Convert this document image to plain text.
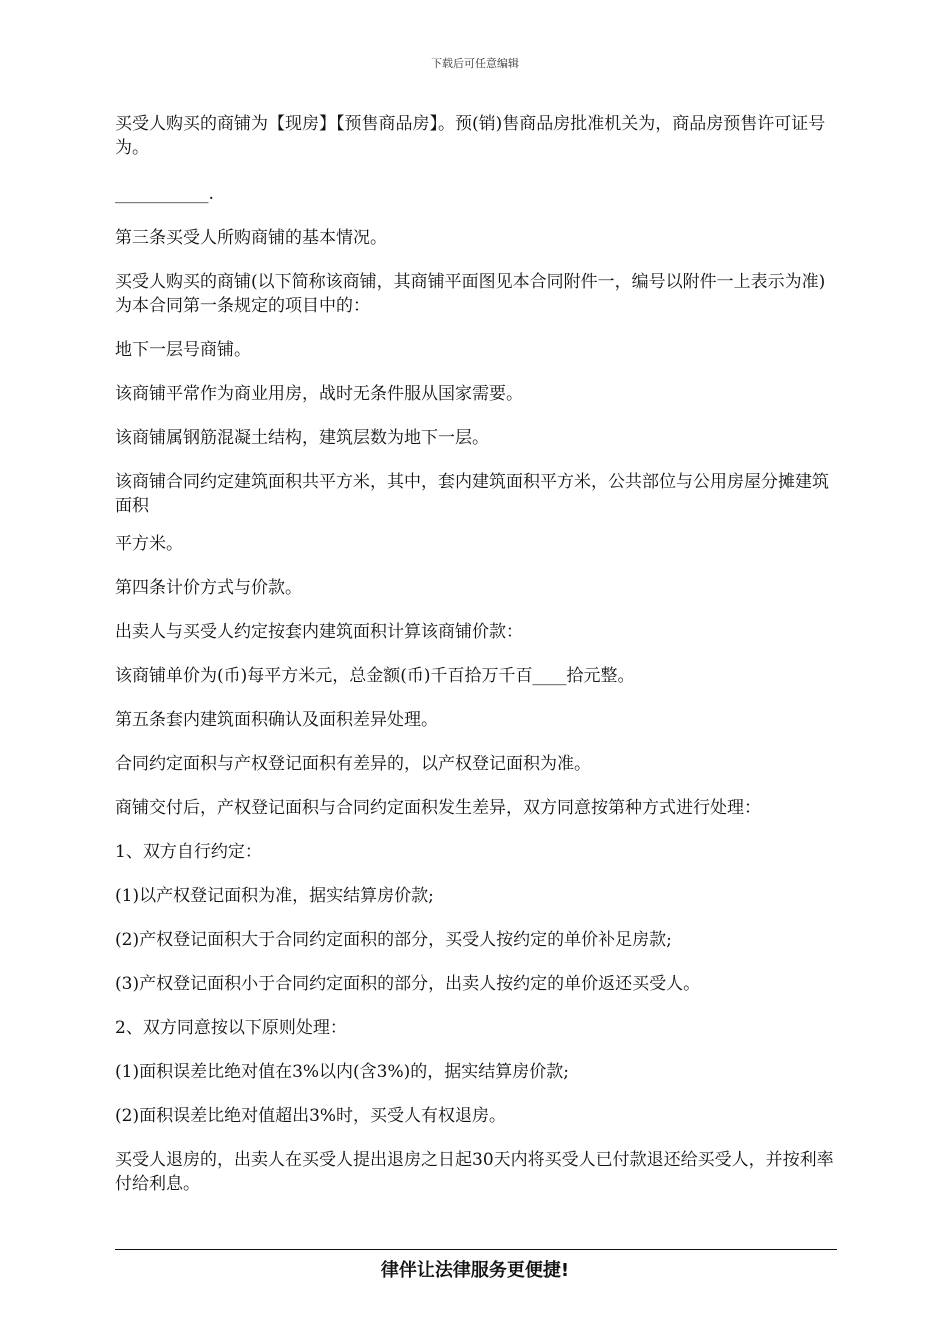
下载后可任意编辑

买受人购买的商铺为【现房】【预售商品房】。预(销)售商品房批准机关为，商品房预售许可证号为。

___________.

第三条买受人所购商铺的基本情况。

买受人购买的商铺(以下简称该商铺，其商铺平面图见本合同附件一，编号以附件一上表示为准)为本合同第一条规定的项目中的：

地下一层号商铺。

该商铺平常作为商业用房，战时无条件服从国家需要。

该商铺属钢筋混凝土结构，建筑层数为地下一层。

该商铺合同约定建筑面积共平方米，其中，套内建筑面积平方米，公共部位与公用房屋分摊建筑面积

平方米。

第四条计价方式与价款。

出卖人与买受人约定按套内建筑面积计算该商铺价款：

该商铺单价为(币)每平方米元，总金额(币)千百拾万千百____拾元整。

第五条套内建筑面积确认及面积差异处理。

合同约定面积与产权登记面积有差异的，以产权登记面积为准。

商铺交付后，产权登记面积与合同约定面积发生差异，双方同意按第种方式进行处理：

1、双方自行约定：

(1)以产权登记面积为准，据实结算房价款;

(2)产权登记面积大于合同约定面积的部分，买受人按约定的单价补足房款;

(3)产权登记面积小于合同约定面积的部分，出卖人按约定的单价返还买受人。

2、双方同意按以下原则处理：

(1)面积误差比绝对值在3%以内(含3%)的，据实结算房价款;

(2)面积误差比绝对值超出3%时，买受人有权退房。

买受人退房的，出卖人在买受人提出退房之日起30天内将买受人已付款退还给买受人，并按利率付给利息。

律伴让法律服务更便捷!
